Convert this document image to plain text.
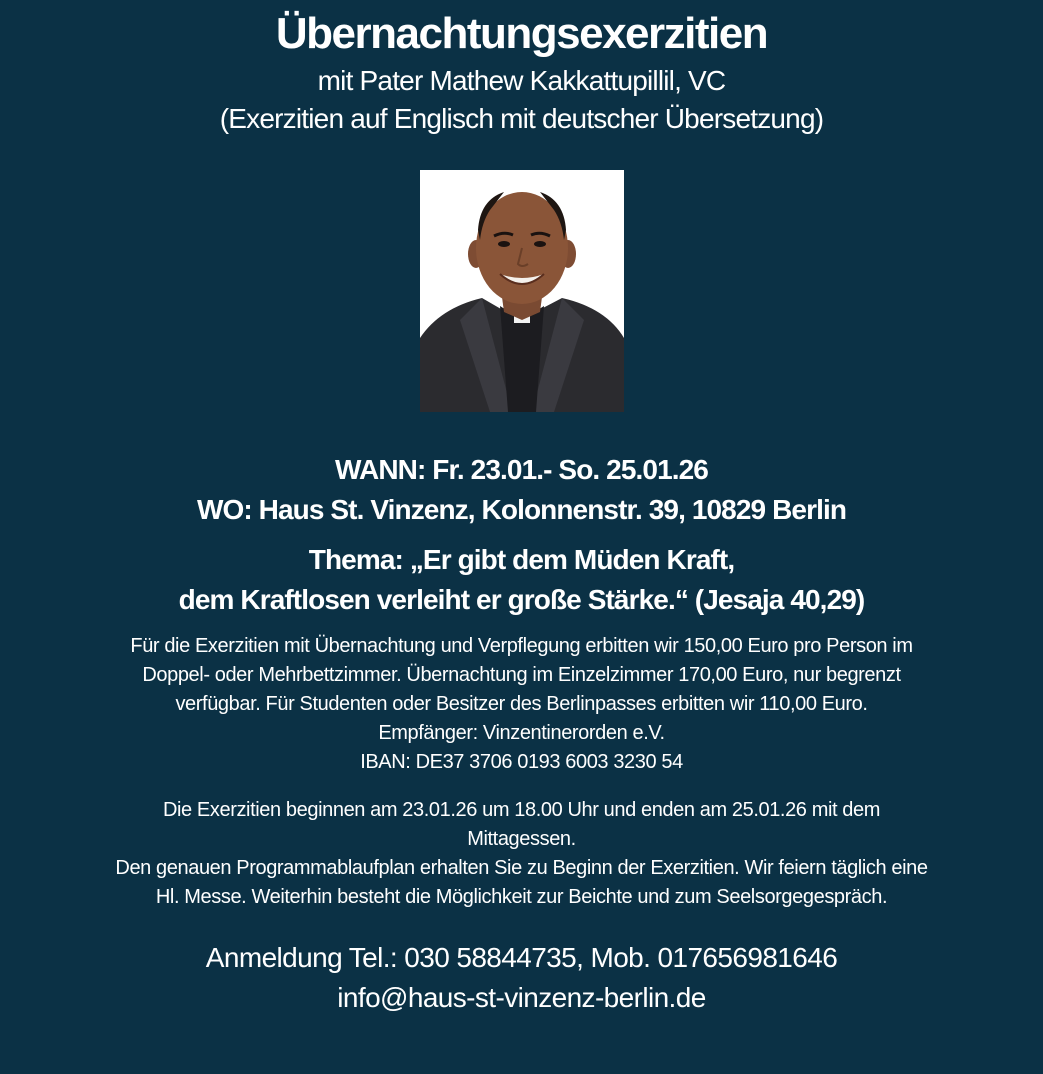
Übernachtungsexerzitien

mit Pater Mathew Kakkattupillil, VC

(Exerzitien auf Englisch mit deutscher Übersetzung)

WANN: Fr. 23.01.- So. 25.01.26

WO: Haus St. Vinzenz, Kolonnenstr. 39, 10829 Berlin

Thema: „Er gibt dem Müden Kraft,

dem Kraftlosen verleiht er große Stärke.“ (Jesaja 40,29)

Für die Exerzitien mit Übernachtung und Verpflegung erbitten wir 150,00 Euro pro Person im

Doppel- oder Mehrbettzimmer. Übernachtung im Einzelzimmer 170,00 Euro, nur begrenzt

verfügbar. Für Studenten oder Besitzer des Berlinpasses erbitten wir 110,00 Euro.

Empfänger: Vinzentinerorden e.V.

IBAN: DE37 3706 0193 6003 3230 54

Die Exerzitien beginnen am 23.01.26 um 18.00 Uhr und enden am 25.01.26 mit dem

Mittagessen.

Den genauen Programmablaufplan erhalten Sie zu Beginn der Exerzitien. Wir feiern täglich eine

Hl. Messe. Weiterhin besteht die Möglichkeit zur Beichte und zum Seelsorgegespräch.

Anmeldung Tel.: 030 58844735, Mob. 017656981646

info@haus-st-vinzenz-berlin.de
